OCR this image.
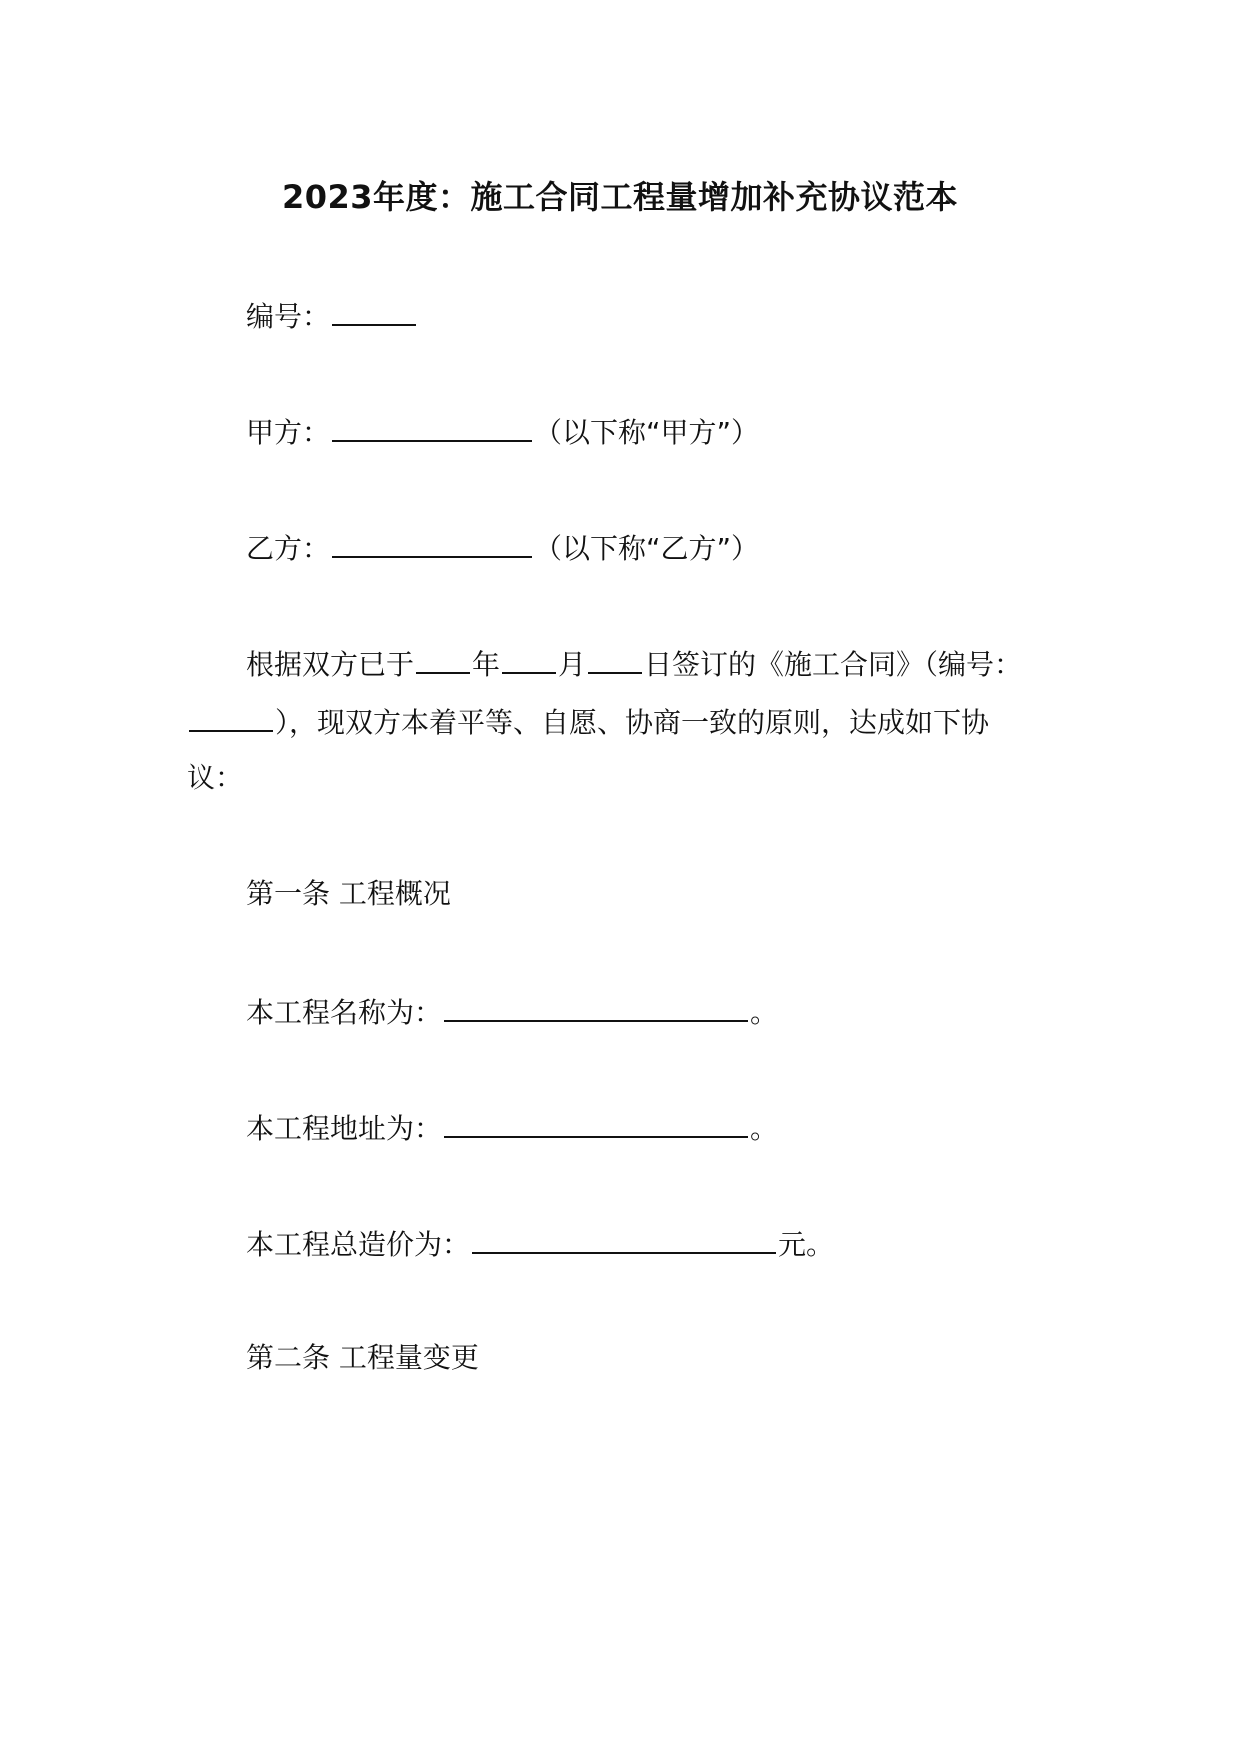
2023年度：施工合同工程量增加补充协议范本
编号：
甲方：	（以下称“甲方”）
乙方：	（以下称“乙方”）
根据双方已于 年 月 日签订的《施工合同》（编号：
），现双方本着平等、自愿、协商一致的原则，达成如下协
议：
第一条 工程概况
本工程名称为：	。
本工程地址为：	。
本工程总造价为：	元。
第二条 工程量变更
